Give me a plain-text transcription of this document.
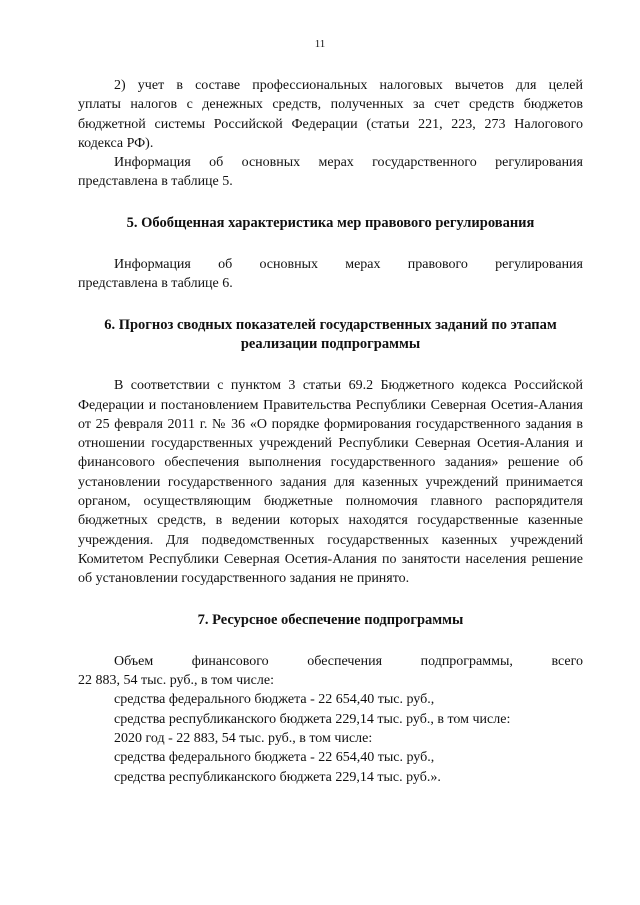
11

2) учет в составе профессиональных налоговых вычетов для целей

уплаты налогов с денежных средств, полученных за счет средств бюджетов бюджетной системы Российской Федерации (статьи 221, 223, 273 Налогового кодекса РФ).

Информация об основных мерах государственного регулирования

представлена в таблице 5.

5. Обобщенная характеристика мер правового регулирования

Информация об основных мерах правового регулирования

представлена в таблице 6.

6. Прогноз сводных показателей государственных заданий по этапам

реализации подпрограммы

В соответствии с пунктом 3 статьи 69.2 Бюджетного кодекса Российской Федерации и постановлением Правительства Республики Северная Осетия-Алания от 25 февраля 2011 г. № 36 «О порядке формирования государственного задания в отношении государственных учреждений Республики Северная Осетия-Алания и финансового обеспечения выполнения государственного задания» решение об установлении государственного задания для казенных учреждений принимается органом, осуществляющим бюджетные полномочия главного распорядителя бюджетных средств, в ведении которых находятся государственные казенные учреждения. Для подведомственных государственных казенных учреждений Комитетом Республики Северная Осетия-Алания по занятости населения решение об установлении государственного задания не принято.

7. Ресурсное обеспечение подпрограммы

Объем финансового обеспечения подпрограммы, всего

22 883, 54 тыс. руб., в том числе:

средства федерального бюджета - 22 654,40 тыс. руб.,

средства республиканского бюджета 229,14 тыс. руб., в том числе:

2020 год - 22 883, 54 тыс. руб., в том числе:

средства федерального бюджета - 22 654,40 тыс. руб.,

средства республиканского бюджета 229,14 тыс. руб.».
